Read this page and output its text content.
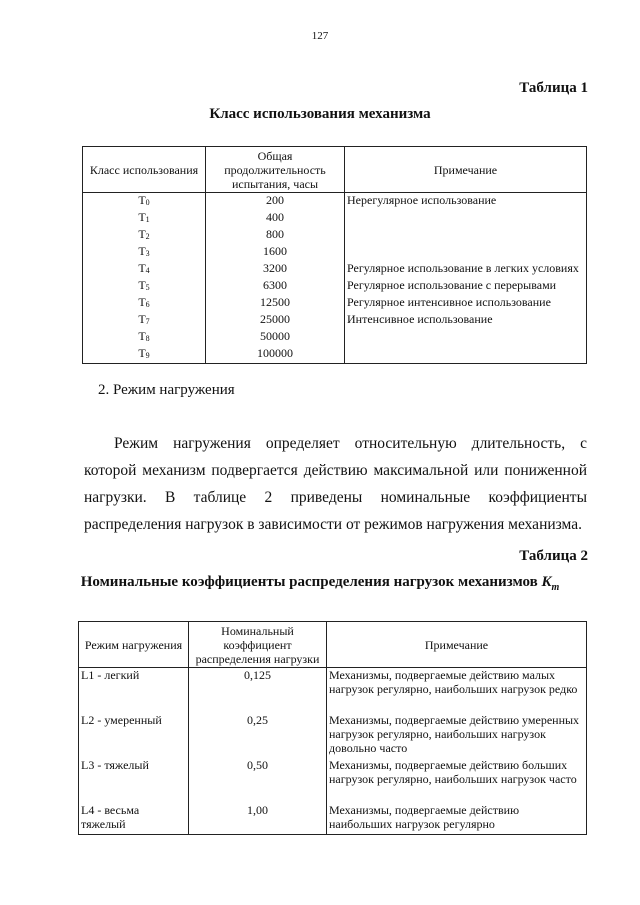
127
Таблица 1
Класс использования механизма
Класс использования	Общая продолжительность испытания, часы	Примечание
$T_0$	200	Нерегулярное использование
$T_1$	400	
$T_2$	800	
$T_3$	1600	
$T_4$	3200	Регулярное использование в легких условиях
$T_5$	6300	Регулярное использование с перерывами
$T_6$	12500	Регулярное интенсивное использование
$T_7$	25000	Интенсивное использование
$T_8$	50000	
$T_9$	100000	
2. Режим нагружения
Режим нагружения определяет относительную длительность, с которой механизм подвергается действию максимальной или пониженной нагрузки. В таблице 2 приведены номинальные коэффициенты распределения нагрузок в зависимости от режимов нагружения механизма.
Таблица 2
Номинальные коэффициенты распределения нагрузок механизмов $K_m$
Режим нагружения	Номинальный коэффициент распределения нагрузки	Примечание
L1 - легкий	0,125	Механизмы, подвергаемые действию малых нагрузок регулярно, наибольших нагрузок редко
L2 - умеренный	0,25	Механизмы, подвергаемые действию умеренных нагрузок регулярно, наибольших нагрузок довольно часто
L3 - тяжелый	0,50	Механизмы, подвергаемые действию больших нагрузок регулярно, наибольших нагрузок часто
L4 - весьма тяжелый	1,00	Механизмы, подвергаемые действию наибольших нагрузок регулярно
